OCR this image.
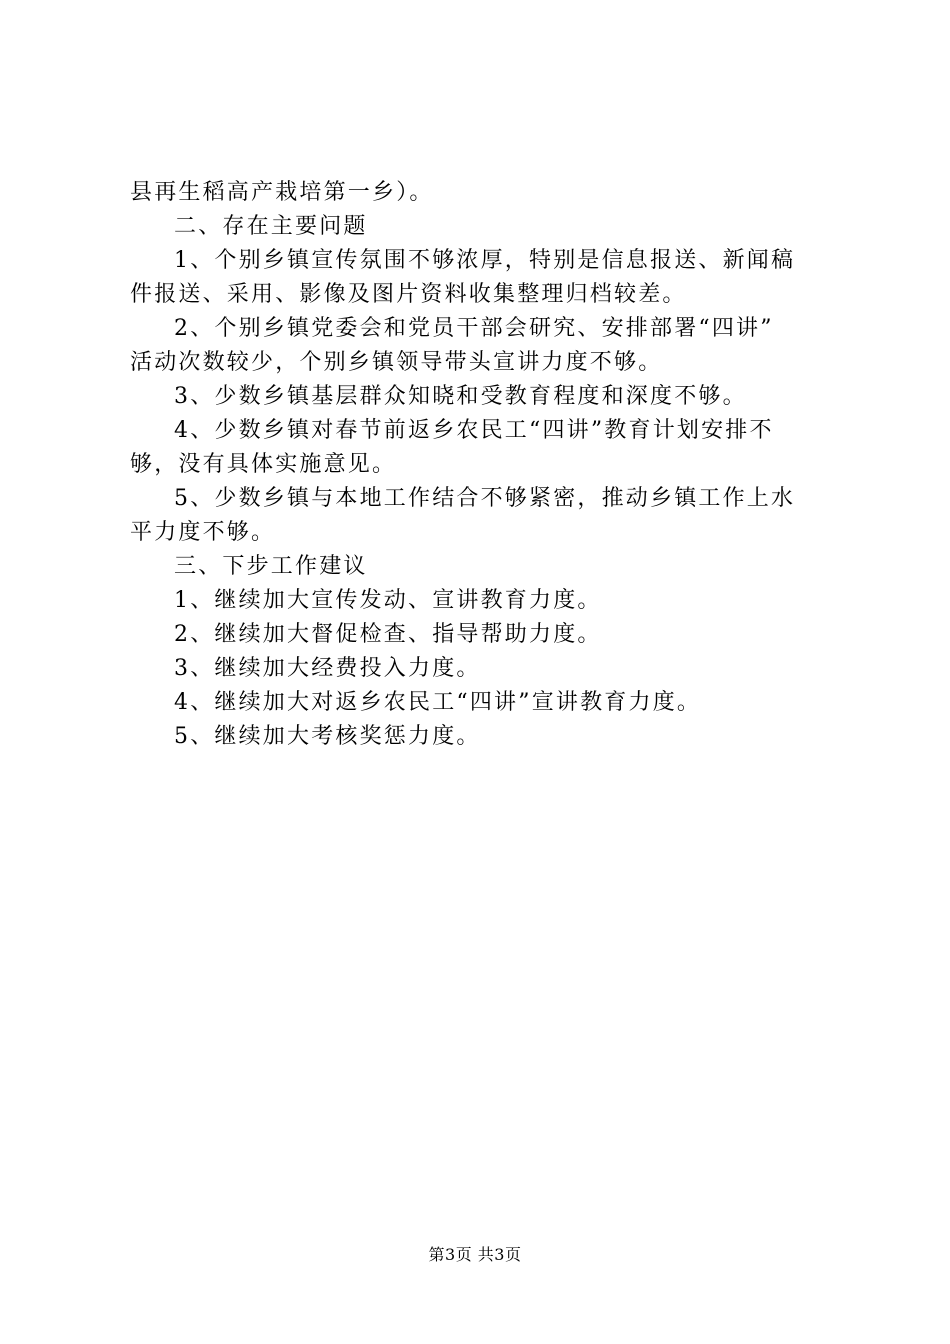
县再生稻高产栽培第一乡）。
二、存在主要问题
1、个别乡镇宣传氛围不够浓厚，特别是信息报送、新闻稿
件报送、采用、影像及图片资料收集整理归档较差。
2、个别乡镇党委会和党员干部会研究、安排部署“四讲”
活动次数较少，个别乡镇领导带头宣讲力度不够。
3、少数乡镇基层群众知晓和受教育程度和深度不够。
4、少数乡镇对春节前返乡农民工“四讲”教育计划安排不
够，没有具体实施意见。
5、少数乡镇与本地工作结合不够紧密，推动乡镇工作上水
平力度不够。
三、下步工作建议
1、继续加大宣传发动、宣讲教育力度。
2、继续加大督促检查、指导帮助力度。
3、继续加大经费投入力度。
4、继续加大对返乡农民工“四讲”宣讲教育力度。
5、继续加大考核奖惩力度。
第3页 共3页
